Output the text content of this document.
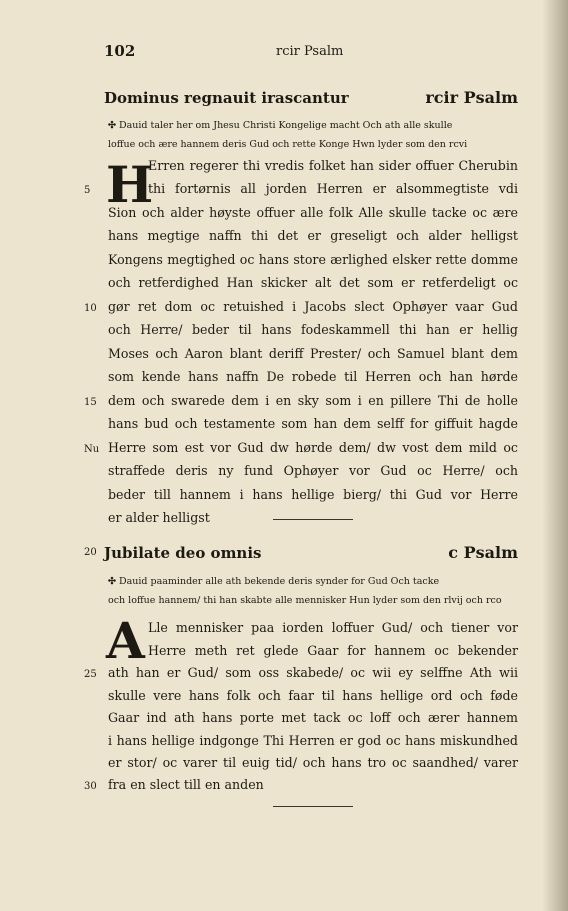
102	rcir Psalm
Dominus regnauit irascantur	rcir Psalm
✣ Dauid taler her om Jhesu Christi Kongelige macht Och ath alle skulle
loffue och ære hannem deris Gud och rette Konge Hwn lyder som den rcvi
H
Erren regerer thi vredis folket han sider offuer Cherubin
thi fortørnis all jorden Herren er alsommegtiste vdi
Sion och alder høyste offuer alle folk Alle skulle tacke oc ære
hans megtige naffn thi det er greseligt och alder helligst
Kongens megtighed oc hans store ærlighed elsker rette domme
och retferdighed Han skicker alt det som er retferdeligt oc
gør ret dom oc retuished i Jacobs slect Ophøyer vaar Gud
och Herre/ beder til hans fodeskammell thi han er hellig
Moses och Aaron blant deriff Prester/ och Samuel blant dem
som kende hans naffn De robede til Herren och han hørde
dem och swarede dem i en sky som i en pillere Thi de holle
hans bud och testamente som han dem selff for giffuit hagde
Herre som est vor Gud dw hørde dem/ dw vost dem mild oc
straffede deris ny fund Ophøyer vor Gud oc Herre/ och
beder till hannem i hans hellige bierg/ thi Gud vor Herre
er alder helligst
5
10
15
Nu
20 Jubilate deo omnis	c Psalm
✣ Dauid paaminder alle ath bekende deris synder for Gud Och tacke
och loffue hannem/ thi han skabte alle mennisker Hun lyder som den rlvij och rco
A Lle mennisker paa iorden loffuer Gud/ och tiener vor
Herre meth ret glede Gaar for hannem oc bekender
ath han er Gud/ som oss skabede/ oc wii ey selffne Ath wii
skulle vere hans folk och faar til hans hellige ord och føde
Gaar ind ath hans porte met tack oc loff och ærer hannem
i hans hellige indgonge Thi Herren er god oc hans miskundhed
er stor/ oc varer til euig tid/ och hans tro oc saandhed/ varer
fra en slect till en anden
25
30
